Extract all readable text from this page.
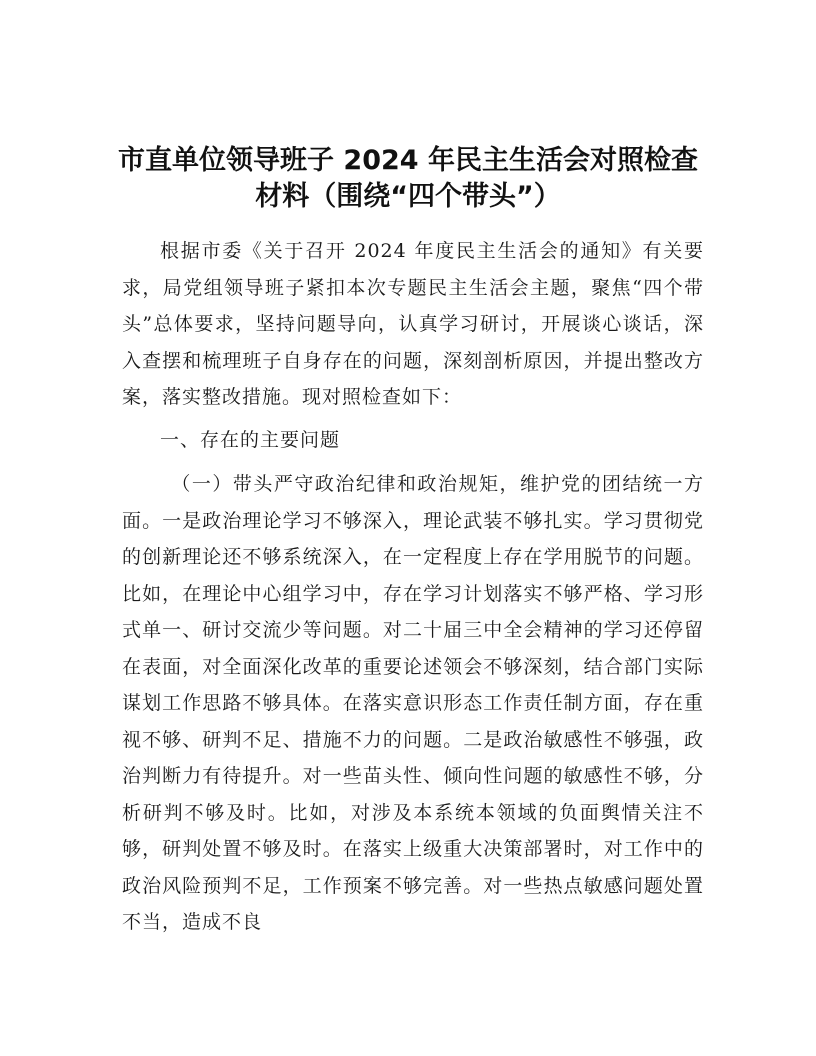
市直单位领导班子 2024 年民主生活会对照检查
材料（围绕“四个带头”）

根据市委《关于召开 2024 年度民主生活会的通知》有关要求，局党组领导班子紧扣本次专题民主生活会主题，聚焦“四个带头”总体要求，坚持问题导向，认真学习研讨，开展谈心谈话，深入查摆和梳理班子自身存在的问题，深刻剖析原因，并提出整改方案，落实整改措施。现对照检查如下：

一、存在的主要问题

（一）带头严守政治纪律和政治规矩，维护党的团结统一方面。一是政治理论学习不够深入，理论武装不够扎实。学习贯彻党的创新理论还不够系统深入，在一定程度上存在学用脱节的问题。比如，在理论中心组学习中，存在学习计划落实不够严格、学习形式单一、研讨交流少等问题。对二十届三中全会精神的学习还停留在表面，对全面深化改革的重要论述领会不够深刻，结合部门实际谋划工作思路不够具体。在落实意识形态工作责任制方面，存在重视不够、研判不足、措施不力的问题。二是政治敏感性不够强，政治判断力有待提升。对一些苗头性、倾向性问题的敏感性不够，分析研判不够及时。比如，对涉及本系统本领域的负面舆情关注不够，研判处置不够及时。在落实上级重大决策部署时，对工作中的政治风险预判不足，工作预案不够完善。对一些热点敏感问题处置不当，造成不良
